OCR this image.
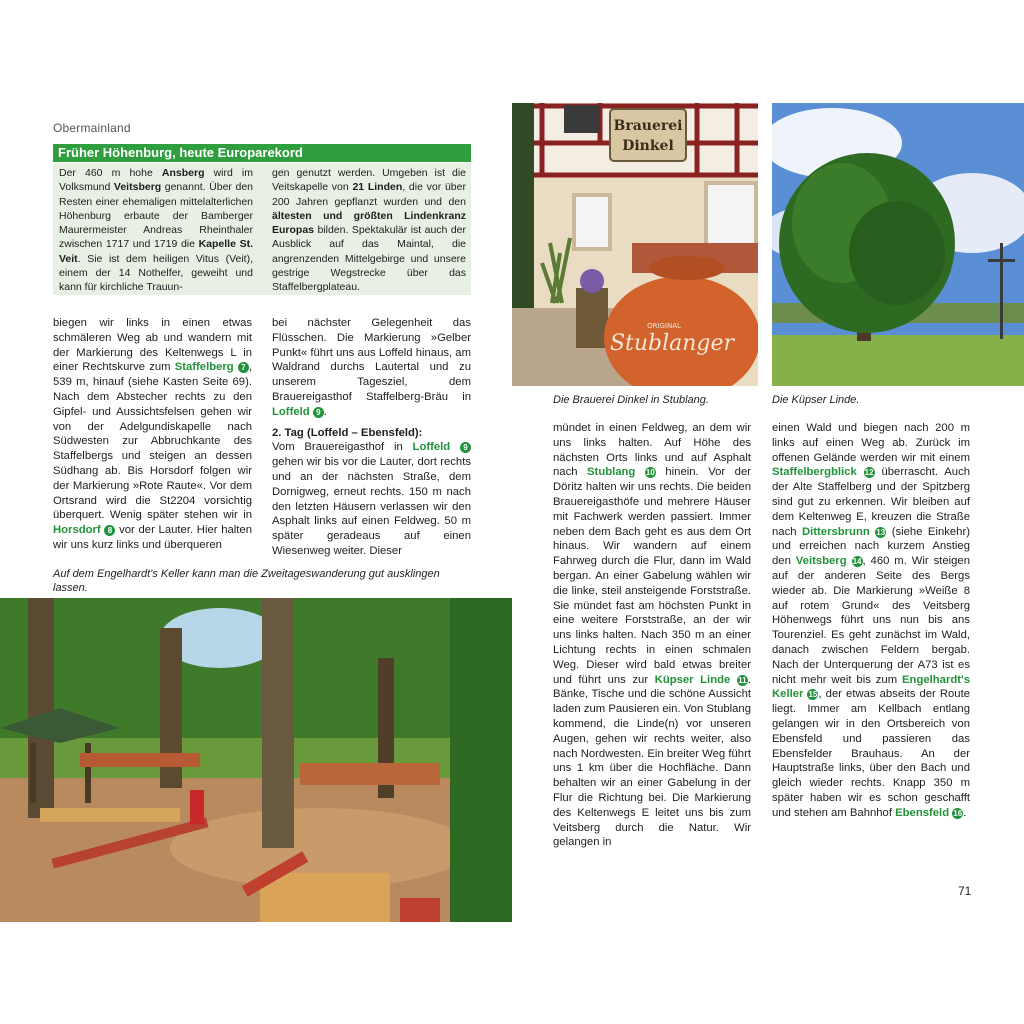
Obermainland
Früher Höhenburg, heute Europarekord
Der 460 m hohe Ansberg wird im Volksmund Veitsberg genannt. Über den Resten einer ehemaligen mittelalterlichen Höhenburg erbaute der Bamberger Maurermeister Andreas Rheinthaler zwischen 1717 und 1719 die Kapelle St. Veit. Sie ist dem heiligen Vitus (Veit), einem der 14 Nothelfer, geweiht und kann für kirchliche Trauun-
gen genutzt werden. Umgeben ist die Veitskapelle von 21 Linden, die vor über 200 Jahren gepflanzt wurden und den ältesten und größten Lindenkranz Europas bilden. Spektakulär ist auch der Ausblick auf das Maintal, die angrenzenden Mittelgebirge und unsere gestrige Wegstrecke über das Staffelbergplateau.
biegen wir links in einen etwas schmäleren Weg ab und wandern mit der Markierung des Keltenwegs L in einer Rechtskurve zum Staffelberg 7 , 539 m, hinauf (siehe Kasten Seite 69). Nach dem Abstecher rechts zu den Gipfel- und Aussichtsfelsen gehen wir von der Adelgundiskapelle nach Südwesten zur Abbruchkante des Staffelbergs und steigen an dessen Südhang ab. Bis Horsdorf folgen wir der Markierung »Rote Raute«. Vor dem Ortsrand wird die St2204 vorsichtig überquert. Wenig später stehen wir in Horsdorf 8 vor der Lauter. Hier halten wir uns kurz links und überqueren
bei nächster Gelegenheit das Flüsschen. Die Markierung »Gelber Punkt« führt uns aus Loffeld hinaus, am Waldrand durchs Lautertal und zu unserem Tagesziel, dem Brauereigasthof Staffelberg-Bräu in Loffeld 9 .
2. Tag (Loffeld – Ebensfeld):
Vom Brauereigasthof in Loffeld 9 gehen wir bis vor die Lauter, dort rechts und an der nächsten Straße, dem Dornigweg, erneut rechts. 150 m nach den letzten Häusern verlassen wir den Asphalt links auf einen Feldweg. 50 m später geradeaus auf einen Wiesenweg weiter. Dieser
mündet in einen Feldweg, an dem wir uns links halten. Auf Höhe des nächsten Orts links und auf Asphalt nach Stublang 10 hinein. Vor der Döritz halten wir uns rechts. Die beiden Brauereigasthöfe und mehrere Häuser mit Fachwerk werden passiert. Immer neben dem Bach geht es aus dem Ort hinaus. Wir wandern auf einem Fahrweg durch die Flur, dann im Wald bergan. An einer Gabelung wählen wir die linke, steil ansteigende Forststraße. Sie mündet fast am höchsten Punkt in eine weitere Forststraße, an der wir uns links halten. Nach 350 m an einer Lichtung rechts in einen schmalen Weg. Dieser wird bald etwas breiter und führt uns zur Küpser Linde 11. Bänke, Tische und die schöne Aussicht laden zum Pausieren ein. Von Stublang kommend, die Linde(n) vor unseren Augen, gehen wir rechts weiter, also nach Nordwesten. Ein breiter Weg führt uns 1 km über die Hochfläche. Dann behalten wir an einer Gabelung in der Flur die Richtung bei. Die Markierung des Keltenwegs E leitet uns bis zum Veitsberg durch die Natur. Wir gelangen in
einen Wald und biegen nach 200 m links auf einen Weg ab. Zurück im offenen Gelände werden wir mit einem Staffelbergblick 12 überrascht. Auch der Alte Staffelberg und der Spitzberg sind gut zu erkennen. Wir bleiben auf dem Keltenweg E, kreuzen die Straße nach Dittersbrunn 13 (siehe Einkehr) und erreichen nach kurzem Anstieg den Veitsberg 14, 460 m. Wir steigen auf der anderen Seite des Bergs wieder ab. Die Markierung »Weiße 8 auf rotem Grund« des Veitsberg Höhenwegs führt uns nun bis ans Tourenziel. Es geht zunächst im Wald, danach zwischen Feldern bergab. Nach der Unterquerung der A73 ist es nicht mehr weit bis zum Engelhardt's Keller 15, der etwas abseits der Route liegt. Immer am Kellbach entlang gelangen wir in den Ortsbereich von Ebensfeld und passieren das Ebensfelder Brauhaus. An der Hauptstraße links, über den Bach und gleich wieder rechts. Knapp 350 m später haben wir es schon geschafft und stehen am Bahnhof Ebensfeld 16.
Auf dem Engelhardt's Keller kann man die Zweitageswanderung gut ausklingen lassen.
Die Brauerei Dinkel in Stublang.	Die Küpser Linde.
71
Brauerei
Dinkel
ORIGINAL
Stublanger
